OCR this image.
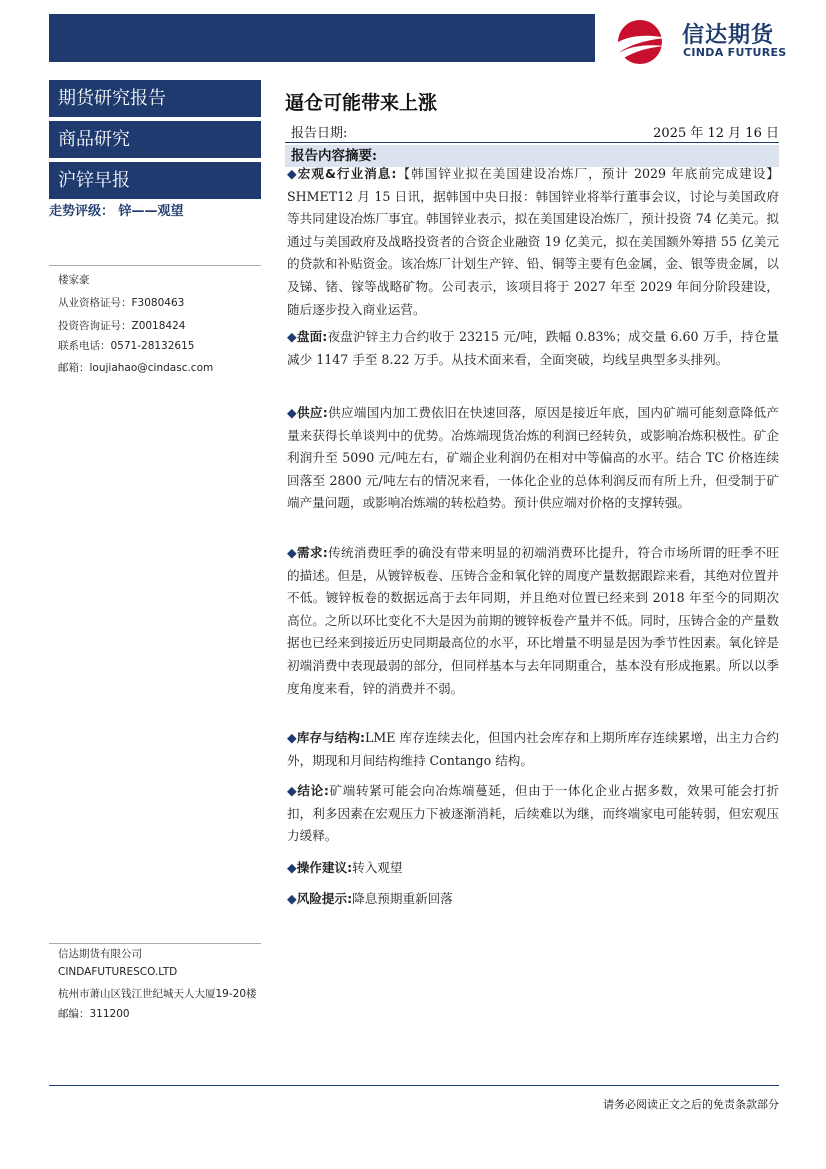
信达期货
CINDA FUTURES
期货研究报告
商品研究
沪锌早报
走势评级： 锌——观望
楼家豪
从业资格证号：F3080463
投资咨询证号：Z0018424
联系电话：0571-28132615
邮箱：loujiahao@cindasc.com
信达期货有限公司
CINDAFUTURESCO.LTD
杭州市萧山区钱江世纪城天人大厦19-20楼
邮编：311200
逼仓可能带来上涨
报告日期:	2025 年 12 月 16 日
报告内容摘要:
◆宏观&行业消息:【韩国锌业拟在美国建设冶炼厂，预计 2029 年底前完成建设】SHMET12 月 15 日讯，据韩国中央日报：韩国锌业将举行董事会议，讨论与美国政府等共同建设冶炼厂事宜。韩国锌业表示，拟在美国建设冶炼厂，预计投资 74 亿美元。拟通过与美国政府及战略投资者的合资企业融资 19 亿美元，拟在美国额外筹措 55 亿美元的贷款和补贴资金。该冶炼厂计划生产锌、铅、铜等主要有色金属，金、银等贵金属，以及锑、锗、镓等战略矿物。公司表示，该项目将于 2027 年至 2029 年间分阶段建设，随后逐步投入商业运营。
◆盘面:夜盘沪锌主力合约收于 23215 元/吨，跌幅 0.83%；成交量 6.60 万手，持仓量减少 1147 手至 8.22 万手。从技术面来看，全面突破，均线呈典型多头排列。
◆供应:供应端国内加工费依旧在快速回落，原因是接近年底，国内矿端可能刻意降低产量来获得长单谈判中的优势。冶炼端现货冶炼的利润已经转负，或影响冶炼积极性。矿企利润升至 5090 元/吨左右，矿端企业利润仍在相对中等偏高的水平。结合 TC 价格连续回落至 2800 元/吨左右的情况来看，一体化企业的总体利润反而有所上升，但受制于矿端产量问题，或影响冶炼端的转松趋势。预计供应端对价格的支撑转强。
◆需求:传统消费旺季的确没有带来明显的初端消费环比提升，符合市场所谓的旺季不旺的描述。但是，从镀锌板卷、压铸合金和氧化锌的周度产量数据跟踪来看，其绝对位置并不低。镀锌板卷的数据远高于去年同期，并且绝对位置已经来到 2018 年至今的同期次高位。之所以环比变化不大是因为前期的镀锌板卷产量并不低。同时，压铸合金的产量数据也已经来到接近历史同期最高位的水平，环比增量不明显是因为季节性因素。氧化锌是初端消费中表现最弱的部分，但同样基本与去年同期重合，基本没有形成拖累。所以以季度角度来看，锌的消费并不弱。
◆库存与结构:LME 库存连续去化，但国内社会库存和上期所库存连续累增，出主力合约外，期现和月间结构维持 Contango 结构。
◆结论:矿端转紧可能会向冶炼端蔓延，但由于一体化企业占据多数，效果可能会打折扣，利多因素在宏观压力下被逐渐消耗，后续难以为继，而终端家电可能转弱，但宏观压力缓释。
◆操作建议:转入观望
◆风险提示:降息预期重新回落
请务必阅读正文之后的免责条款部分
